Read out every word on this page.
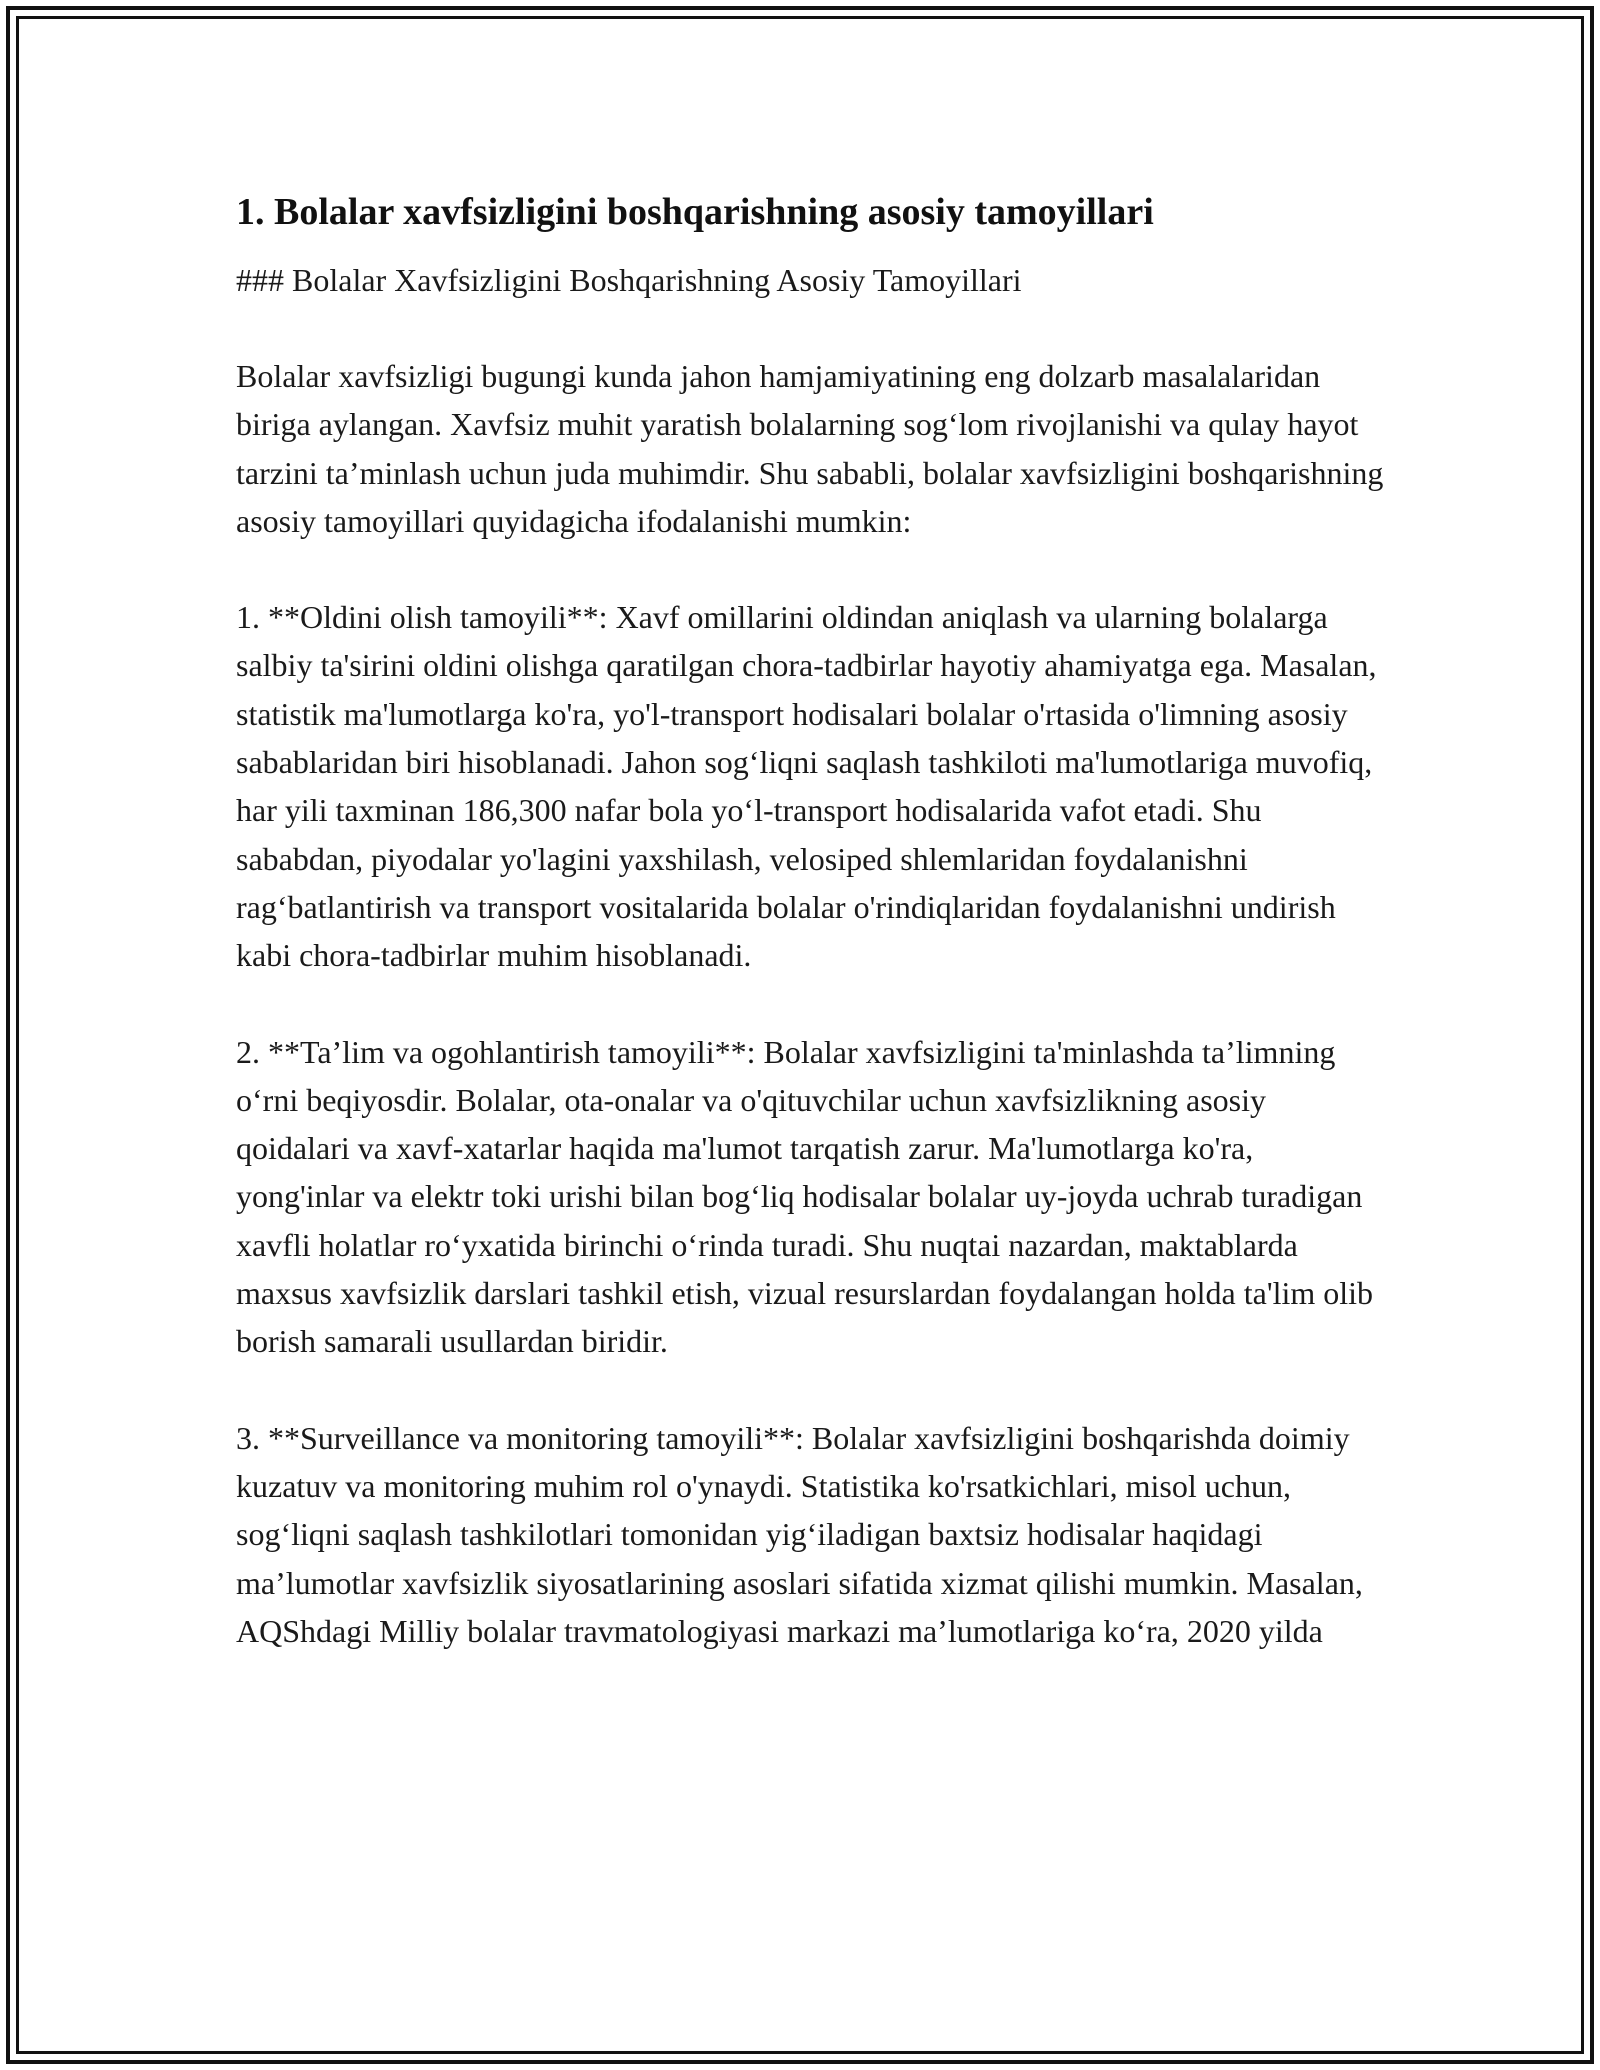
1. Bolalar xavfsizligini boshqarishning asosiy tamoyillari

### Bolalar Xavfsizligini Boshqarishning Asosiy Tamoyillari

Bolalar xavfsizligi bugungi kunda jahon hamjamiyatining eng dolzarb masalalaridan biriga aylangan. Xavfsiz muhit yaratish bolalarning sog‘lom rivojlanishi va qulay hayot tarzini ta’minlash uchun juda muhimdir. Shu sababli, bolalar xavfsizligini boshqarishning asosiy tamoyillari quyidagicha ifodalanishi mumkin:

1. **Oldini olish tamoyili**: Xavf omillarini oldindan aniqlash va ularning bolalarga salbiy ta'sirini oldini olishga qaratilgan chora-tadbirlar hayotiy ahamiyatga ega. Masalan, statistik ma'lumotlarga ko'ra, yo'l-transport hodisalari bolalar o'rtasida o'limning asosiy sabablaridan biri hisoblanadi. Jahon sog‘liqni saqlash tashkiloti ma'lumotlariga muvofiq, har yili taxminan 186,300 nafar bola yo‘l-transport hodisalarida vafot etadi. Shu sababdan, piyodalar yo'lagini yaxshilash, velosiped shlemlaridan foydalanishni rag‘batlantirish va transport vositalarida bolalar o'rindiqlaridan foydalanishni undirish kabi chora-tadbirlar muhim hisoblanadi.

2. **Ta’lim va ogohlantirish tamoyili**: Bolalar xavfsizligini ta'minlashda ta’limning o‘rni beqiyosdir. Bolalar, ota-onalar va o'qituvchilar uchun xavfsizlikning asosiy qoidalari va xavf-xatarlar haqida ma'lumot tarqatish zarur. Ma'lumotlarga ko'ra, yong'inlar va elektr toki urishi bilan bog‘liq hodisalar bolalar uy-joyda uchrab turadigan xavfli holatlar ro‘yxatida birinchi o‘rinda turadi. Shu nuqtai nazardan, maktablarda maxsus xavfsizlik darslari tashkil etish, vizual resurslardan foydalangan holda ta'lim olib borish samarali usullardan biridir.

3. **Surveillance va monitoring tamoyili**: Bolalar xavfsizligini boshqarishda doimiy kuzatuv va monitoring muhim rol o'ynaydi. Statistika ko'rsatkichlari, misol uchun, sog‘liqni saqlash tashkilotlari tomonidan yig‘iladigan baxtsiz hodisalar haqidagi ma’lumotlar xavfsizlik siyosatlarining asoslari sifatida xizmat qilishi mumkin. Masalan, AQShdagi Milliy bolalar travmatologiyasi markazi ma’lumotlariga ko‘ra, 2020 yilda
